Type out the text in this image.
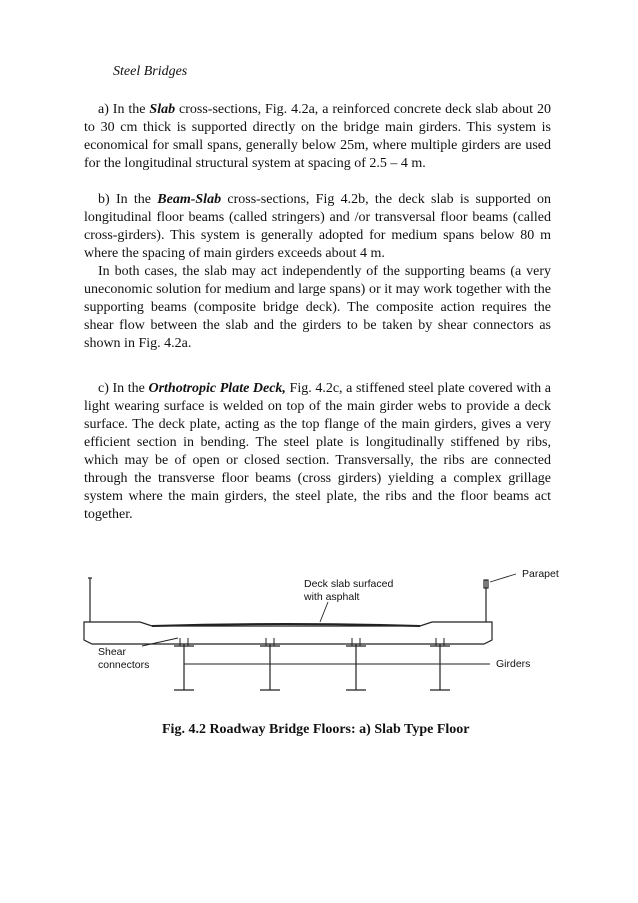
Steel Bridges

a) In the Slab cross-sections, Fig. 4.2a, a reinforced concrete deck slab about 20 to 30 cm thick is supported directly on the bridge main girders. This system is economical for small spans, generally below 25m, where multiple girders are used for the longitudinal structural system at spacing of 2.5 – 4 m.

b) In the Beam-Slab cross-sections, Fig 4.2b, the deck slab is supported on longitudinal floor beams (called stringers) and /or transversal floor beams (called cross-girders). This system is generally adopted for medium spans below 80 m where the spacing of main girders exceeds about 4 m.

In both cases, the slab may act independently of the supporting beams (a very uneconomic solution for medium and large spans) or it may work together with the supporting beams (composite bridge deck). The composite action requires the shear flow between the slab and the girders to be taken by shear connectors as shown in Fig. 4.2a.

c) In the Orthotropic Plate Deck, Fig. 4.2c, a stiffened steel plate covered with a light wearing surface is welded on top of the main girder webs to provide a deck surface. The deck plate, acting as the top flange of the main girders, gives a very efficient section in bending. The steel plate is longitudinally stiffened by ribs, which may be of open or closed section. Transversally, the ribs are connected through the transverse floor beams (cross girders) yielding a complex grillage system where the main girders, the steel plate, the ribs and the floor beams act together.

Deck slab surfaced
with asphalt
Parapet
Shear
connectors	Girders
Fig. 4.2 Roadway Bridge Floors: a) Slab Type Floor
